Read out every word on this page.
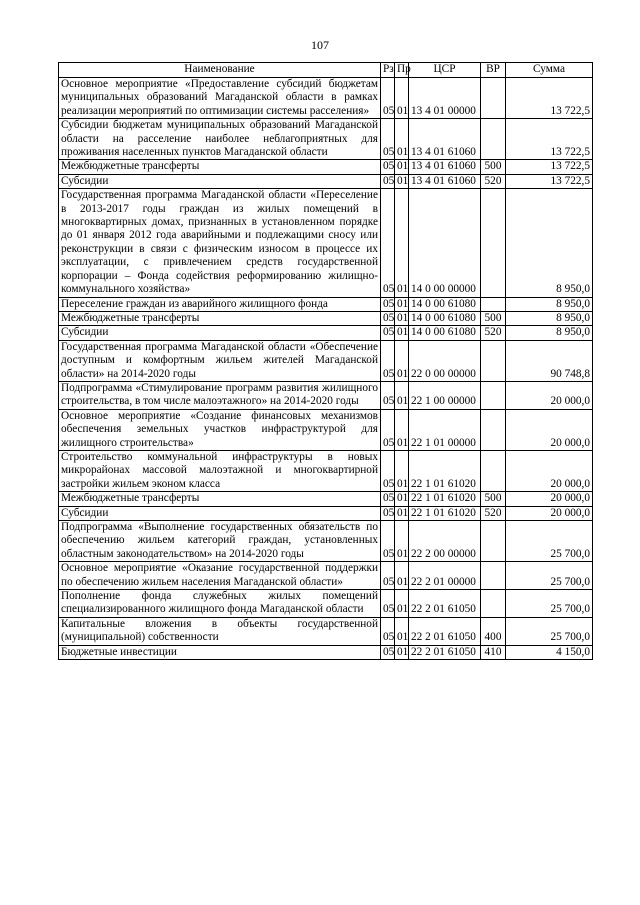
107
Наименование	Рз	Пр	ЦСР	ВР	Сумма
Основное мероприятие «Предоставление субсидий бюджетам муниципальных образований Магаданской области в рамках реализации мероприятий по оптимизации системы расселения»	05	01	13 4 01 00000		13 722,5
Субсидии бюджетам муниципальных образований Магаданской области на расселение наиболее неблагоприятных для проживания населенных пунктов Магаданской области	05	01	13 4 01 61060		13 722,5
Межбюджетные трансферты	05	01	13 4 01 61060	500	13 722,5
Субсидии	05	01	13 4 01 61060	520	13 722,5
Государственная программа Магаданской области «Переселение в 2013-2017 годы граждан из жилых помещений в многоквартирных домах, признанных в установленном порядке до 01 января 2012 года аварийными и подлежащими сносу или реконструкции в связи с физическим износом в процессе их эксплуатации, с привлечением средств государственной корпорации – Фонда содействия реформированию жилищно-коммунального хозяйства»	05	01	14 0 00 00000		8 950,0
Переселение граждан из аварийного жилищного фонда	05	01	14 0 00 61080		8 950,0
Межбюджетные трансферты	05	01	14 0 00 61080	500	8 950,0
Субсидии	05	01	14 0 00 61080	520	8 950,0
Государственная программа Магаданской области «Обеспечение доступным и комфортным жильем жителей Магаданской области» на 2014-2020 годы	05	01	22 0 00 00000		90 748,8
Подпрограмма «Стимулирование программ развития жилищного строительства, в том числе малоэтажного» на 2014-2020 годы	05	01	22 1 00 00000		20 000,0
Основное мероприятие «Создание финансовых механизмов обеспечения земельных участков инфраструктурой для жилищного строительства»	05	01	22 1 01 00000		20 000,0
Строительство коммунальной инфраструктуры в новых микрорайонах массовой малоэтажной и многоквартирной застройки жильем эконом класса	05	01	22 1 01 61020		20 000,0
Межбюджетные трансферты	05	01	22 1 01 61020	500	20 000,0
Субсидии	05	01	22 1 01 61020	520	20 000,0
Подпрограмма «Выполнение государственных обязательств по обеспечению жильем категорий граждан, установленных областным законодательством» на 2014-2020 годы	05	01	22 2 00 00000		25 700,0
Основное мероприятие «Оказание государственной поддержки по обеспечению жильем населения Магаданской области»	05	01	22 2 01 00000		25 700,0
Пополнение фонда служебных жилых помещений специализированного жилищного фонда Магаданской области	05	01	22 2 01 61050		25 700,0
Капитальные вложения в объекты государственной (муниципальной) собственности	05	01	22 2 01 61050	400	25 700,0
Бюджетные инвестиции	05	01	22 2 01 61050	410	4 150,0
